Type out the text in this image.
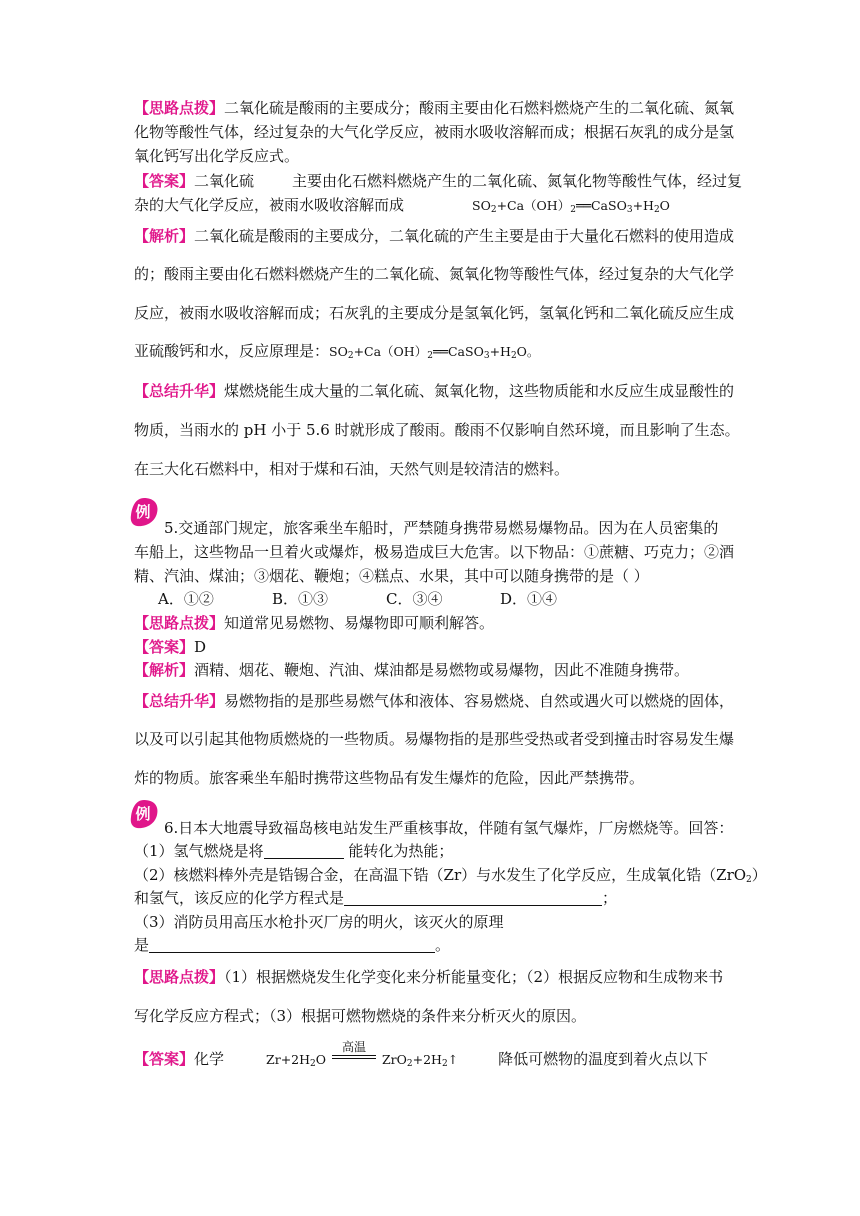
【思路点拨】二氧化硫是酸雨的主要成分；酸雨主要由化石燃料燃烧产生的二氧化硫、氮氧
化物等酸性气体，经过复杂的大气化学反应，被雨水吸收溶解而成；根据石灰乳的成分是氢
氧化钙写出化学反应式。
【答案】二氧化硫	主要由化石燃料燃烧产生的二氧化硫、氮氧化物等酸性气体，经过复
杂的大气化学反应，被雨水吸收溶解而成	$SO_2+Ca(OH)_2══CaSO_3+H_2O$
【解析】二氧化硫是酸雨的主要成分，二氧化硫的产生主要是由于大量化石燃料的使用造成
的；酸雨主要由化石燃料燃烧产生的二氧化硫、氮氧化物等酸性气体，经过复杂的大气化学
反应，被雨水吸收溶解而成；石灰乳的主要成分是氢氧化钙，氢氧化钙和二氧化硫反应生成
亚硫酸钙和水，反应原理是：$SO_2+Ca(OH)_2══CaSO_3+H_2O$。
【总结升华】煤燃烧能生成大量的二氧化硫、氮氧化物，这些物质能和水反应生成显酸性的
物质，当雨水的 pH 小于 5.6 时就形成了酸雨。酸雨不仅影响自然环境，而且影响了生态。
在三大化石燃料中，相对于煤和石油，天然气则是较清洁的燃料。
例
5.交通部门规定，旅客乘坐车船时，严禁随身携带易燃易爆物品。因为在人员密集的
车船上，这些物品一旦着火或爆炸，极易造成巨大危害。以下物品：①蔗糖、巧克力；②酒
精、汽油、煤油；③烟花、鞭炮；④糕点、水果，其中可以随身携带的是（ ）
A．①②	B．①③	C．③④	D．①④
【思路点拨】知道常见易燃物、易爆物即可顺利解答。
【答案】D
【解析】酒精、烟花、鞭炮、汽油、煤油都是易燃物或易爆物，因此不准随身携带。
【总结升华】易燃物指的是那些易燃气体和液体、容易燃烧、自然或遇火可以燃烧的固体，
以及可以引起其他物质燃烧的一些物质。易爆物指的是那些受热或者受到撞击时容易发生爆
炸的物质。旅客乘坐车船时携带这些物品有发生爆炸的危险，因此严禁携带。
例
6.日本大地震导致福岛核电站发生严重核事故，伴随有氢气爆炸，厂房燃烧等。回答：
（1）氢气燃烧是将	能转化为热能；
（2）核燃料棒外壳是锆锡合金，在高温下锆（Zr）与水发生了化学反应，生成氧化锆（ZrO$_2$）
和氢气，该反应的化学方程式是	；
（3）消防员用高压水枪扑灭厂房的明火，该灭火的原理
是	。
【思路点拨】（1）根据燃烧发生化学变化来分析能量变化；（2）根据反应物和生成物来书
写化学反应方程式；（3）根据可燃物燃烧的条件来分析灭火的原因。
【答案】化学	$Zr+2H_2O$
高温
$ZrO_2+2H_2↑$	降低可燃物的温度到着火点以下
